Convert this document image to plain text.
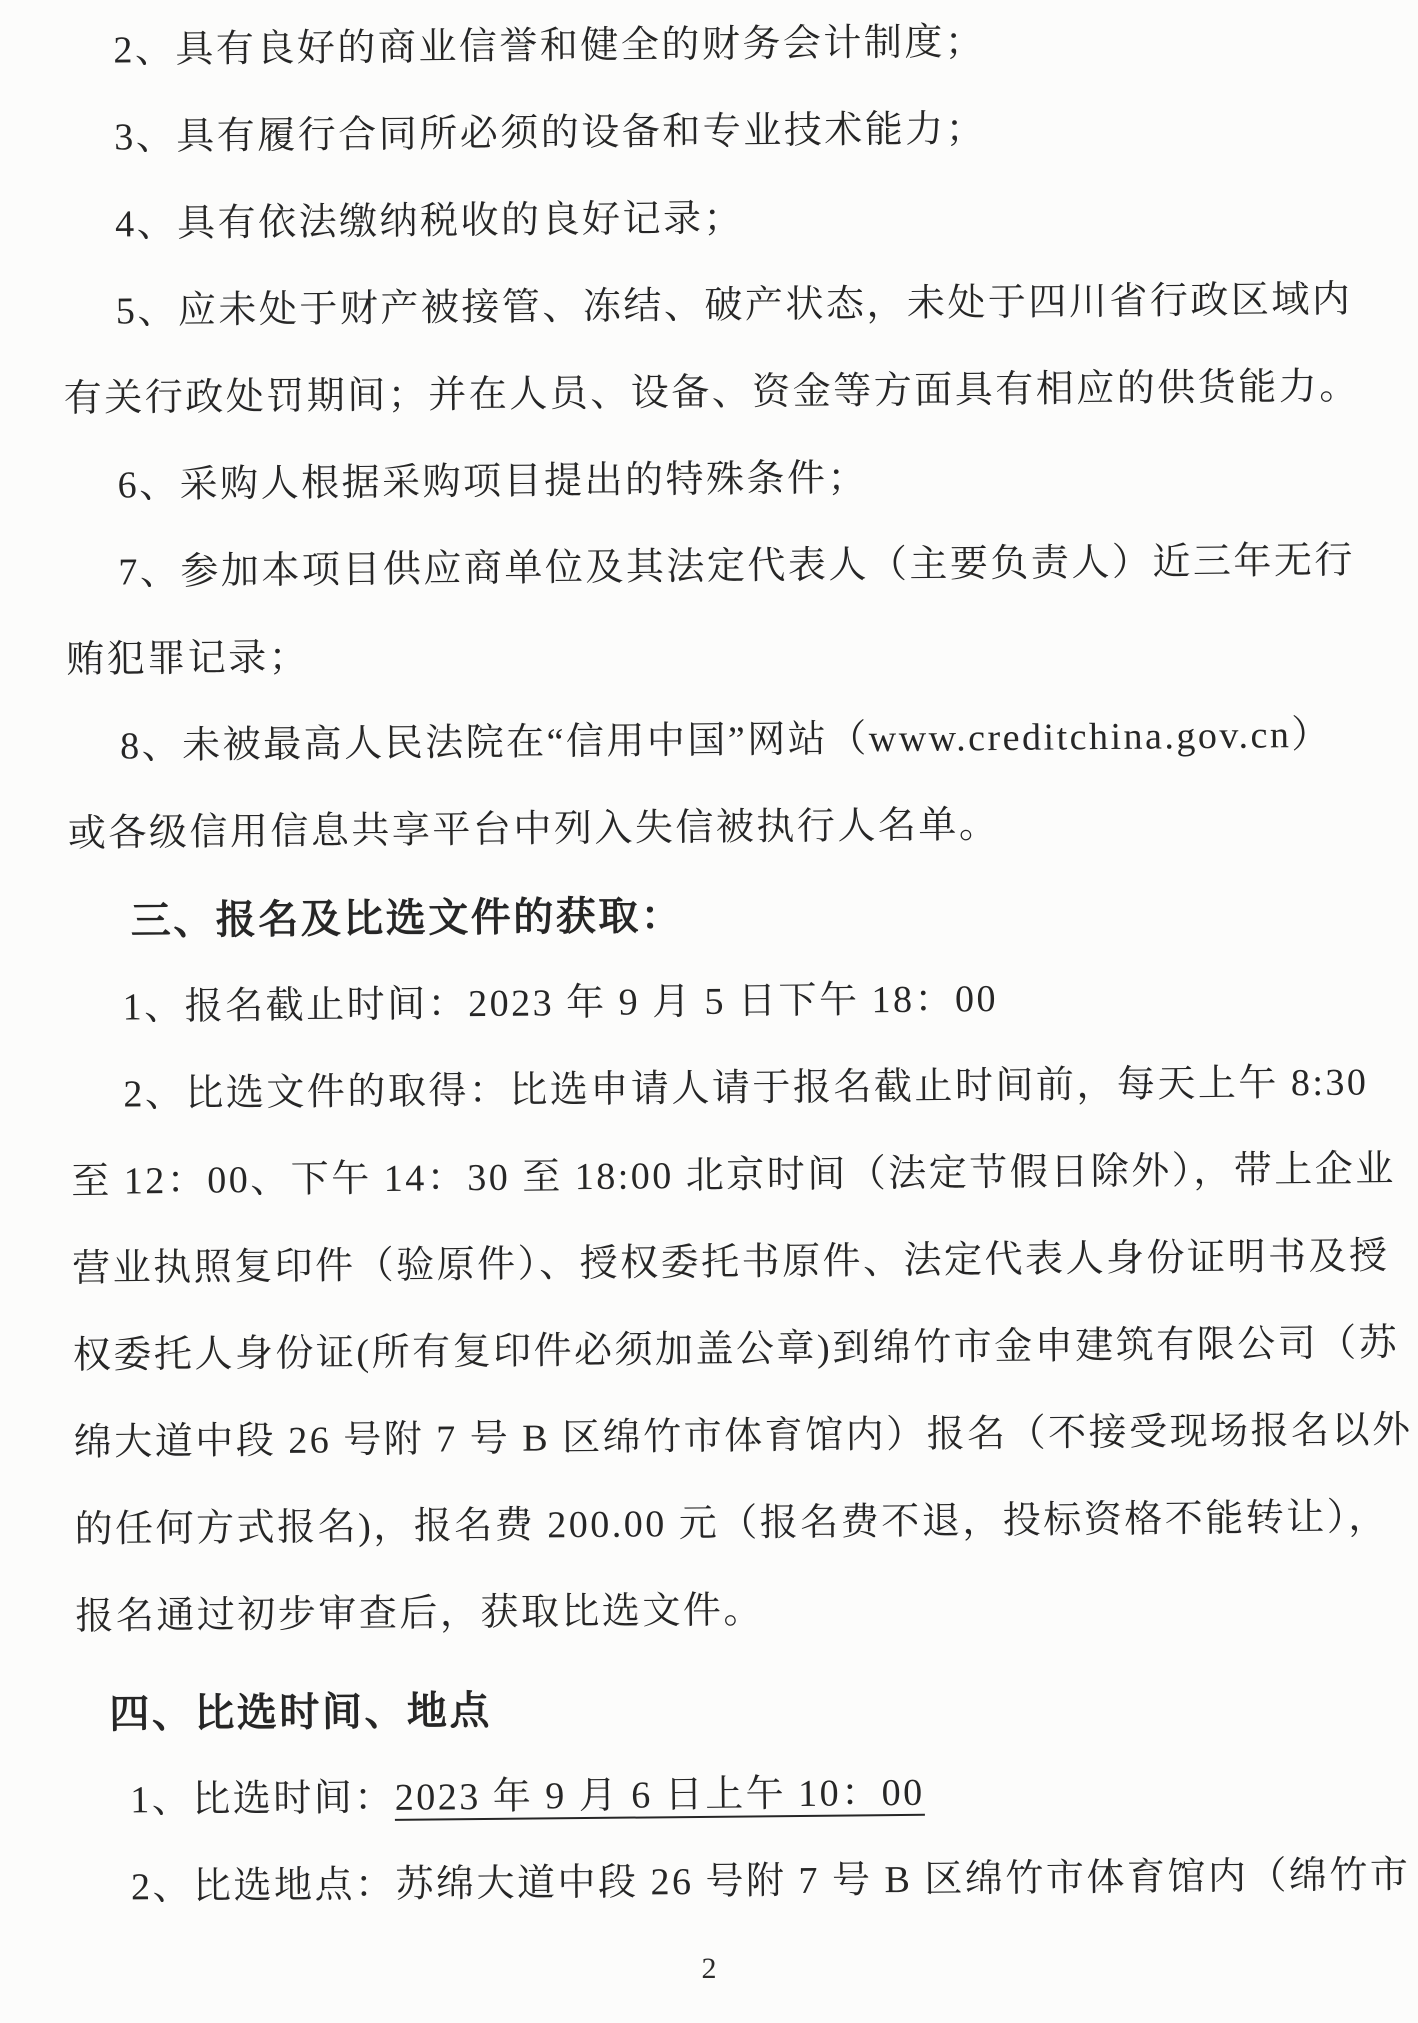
2、具有良好的商业信誉和健全的财务会计制度；
3、具有履行合同所必须的设备和专业技术能力；
4、具有依法缴纳税收的良好记录；
5、应未处于财产被接管、冻结、破产状态，未处于四川省行政区域内
有关行政处罚期间；并在人员、设备、资金等方面具有相应的供货能力。
6、采购人根据采购项目提出的特殊条件；
7、参加本项目供应商单位及其法定代表人（主要负责人）近三年无行
贿犯罪记录；
8、未被最高人民法院在“信用中国”网站（www.creditchina.gov.cn）
或各级信用信息共享平台中列入失信被执行人名单。
三、报名及比选文件的获取：
1、报名截止时间：2023 年 9 月 5 日下午 18：00
2、比选文件的取得：比选申请人请于报名截止时间前，每天上午 8:30
至 12：00、下午 14：30 至 18:00 北京时间（法定节假日除外），带上企业
营业执照复印件（验原件）、授权委托书原件、法定代表人身份证明书及授
权委托人身份证(所有复印件必须加盖公章)到绵竹市金申建筑有限公司（苏
绵大道中段 26 号附 7 号 B 区绵竹市体育馆内）报名（不接受现场报名以外
的任何方式报名)，报名费 200.00 元（报名费不退，投标资格不能转让），
报名通过初步审查后，获取比选文件。
四、比选时间、地点
1、比选时间：2023 年 9 月 6 日上午 10：00
2、比选地点：苏绵大道中段 26 号附 7 号 B 区绵竹市体育馆内（绵竹市
2
